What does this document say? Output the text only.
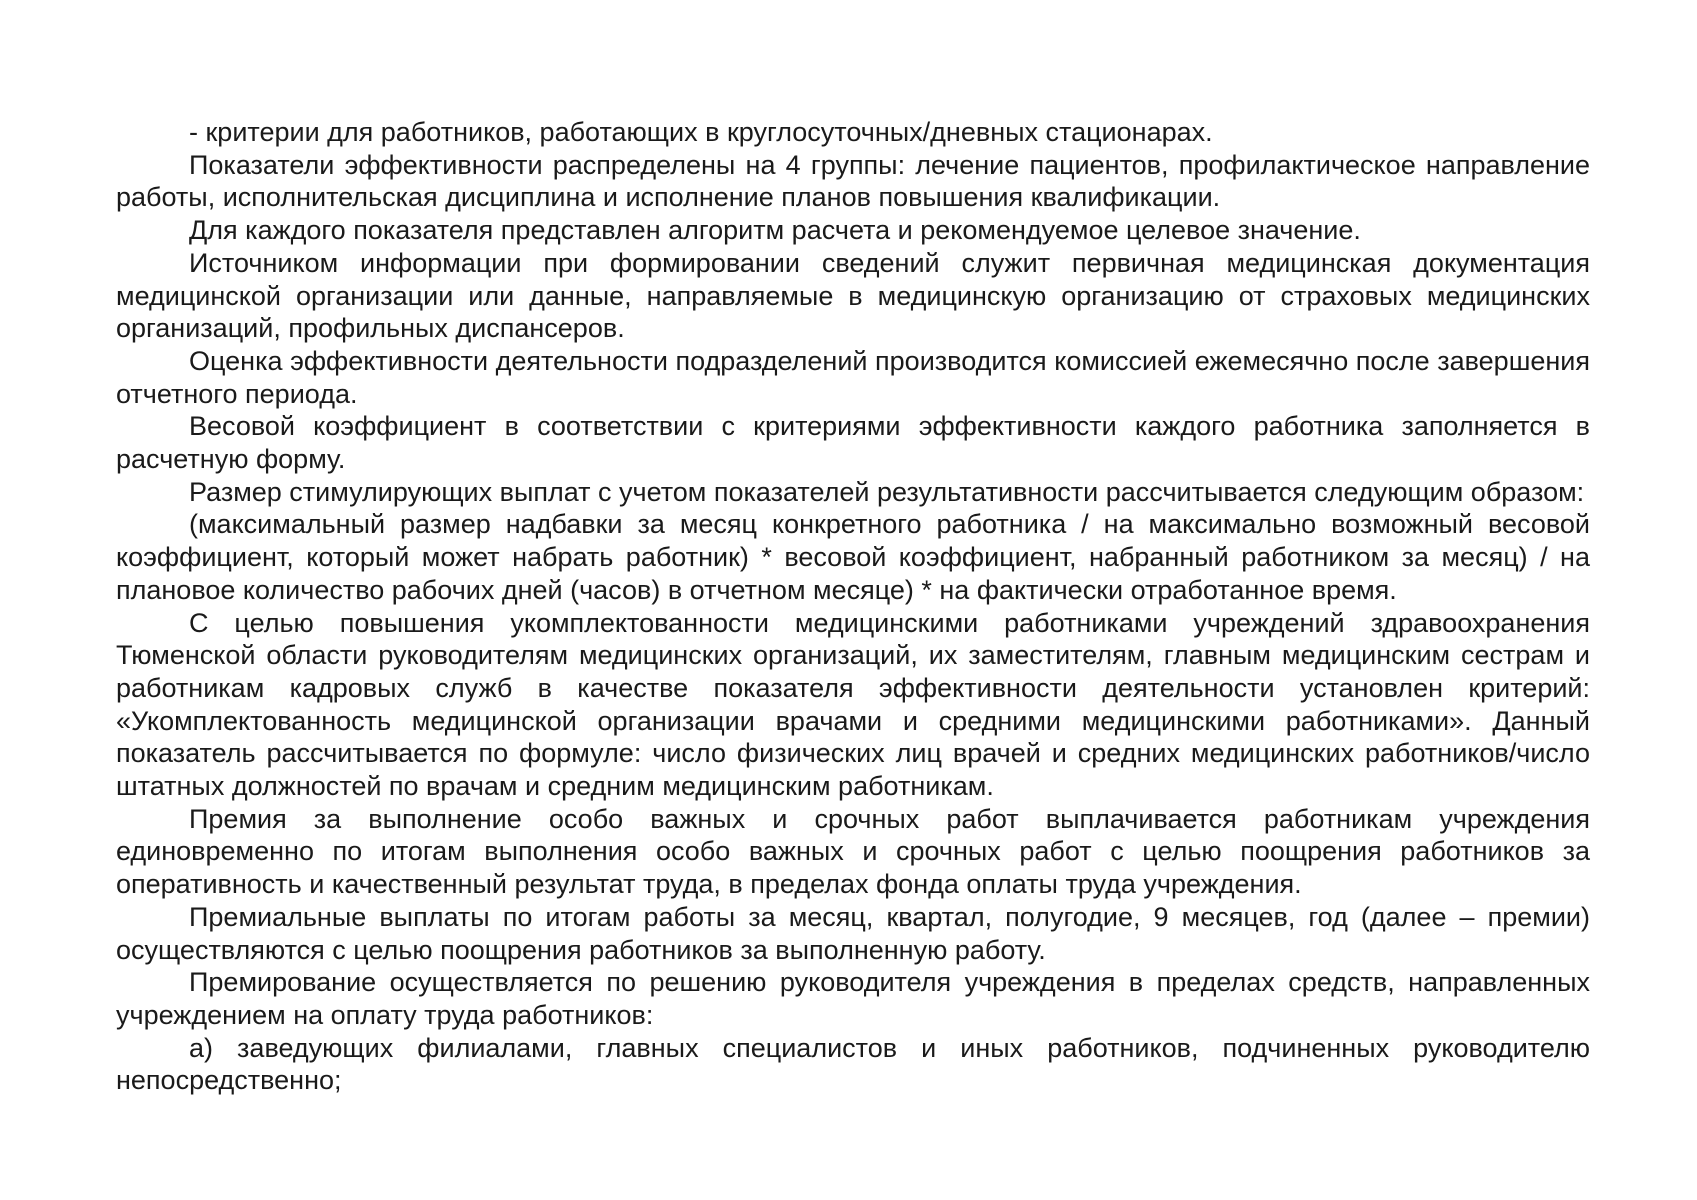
- критерии для работников, работающих в круглосуточных/дневных стационарах.

Показатели эффективности распределены на 4 группы: лечение пациентов, профилактическое направление работы, исполнительская дисциплина и исполнение планов повышения квалификации.

Для каждого показателя представлен алгоритм расчета и рекомендуемое целевое значение.

Источником информации при формировании сведений служит первичная медицинская документация медицинской организации или данные, направляемые в медицинскую организацию от страховых медицинских организаций, профильных диспансеров.

Оценка эффективности деятельности подразделений производится комиссией ежемесячно после завершения отчетного периода.

Весовой коэффициент в соответствии с критериями эффективности каждого работника заполняется в расчетную форму.

Размер стимулирующих выплат с учетом показателей результативности рассчитывается следующим образом:

(максимальный размер надбавки за месяц конкретного работника / на максимально возможный весовой коэффициент, который может набрать работник) * весовой коэффициент, набранный работником за месяц) / на плановое количество рабочих дней (часов) в отчетном месяце) * на фактически отработанное время.

С целью повышения укомплектованности медицинскими работниками учреждений здравоохранения Тюменской области руководителям медицинских организаций, их заместителям, главным медицинским сестрам и работникам кадровых служб в качестве показателя эффективности деятельности установлен критерий: «Укомплектованность медицинской организации врачами и средними медицинскими работниками». Данный показатель рассчитывается по формуле: число физических лиц врачей и средних медицинских работников/число штатных должностей по врачам и средним медицинским работникам.

Премия за выполнение особо важных и срочных работ выплачивается работникам учреждения единовременно по итогам выполнения особо важных и срочных работ с целью поощрения работников за оперативность и качественный результат труда, в пределах фонда оплаты труда учреждения.

Премиальные выплаты по итогам работы за месяц, квартал, полугодие, 9 месяцев, год (далее – премии) осуществляются с целью поощрения работников за выполненную работу.

Премирование осуществляется по решению руководителя учреждения в пределах средств, направленных учреждением на оплату труда работников:

а) заведующих филиалами, главных специалистов и иных работников, подчиненных руководителю непосредственно;
